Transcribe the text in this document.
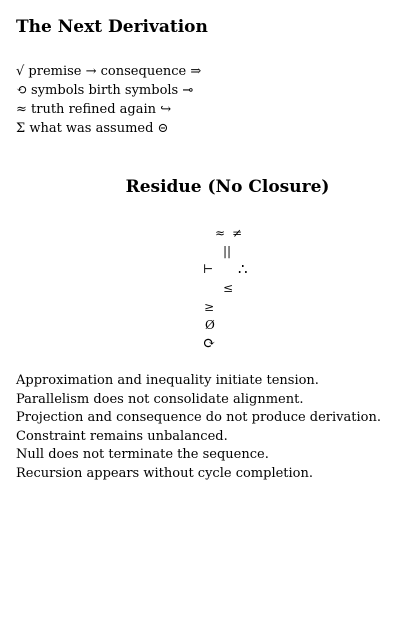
The Next Derivation
√ premise → consequence ⇒
⟲ symbols birth symbols ⊸
≈ truth refined again ↪
Σ what was assumed ⊝
Residue (No Closure)
≈ ≠
||
⊢ ∴
≤
≥
Ø
⟳
Approximation and inequality initiate tension.
Parallelism does not consolidate alignment.
Projection and consequence do not produce derivation.
Constraint remains unbalanced.
Null does not terminate the sequence.
Recursion appears without cycle completion.
